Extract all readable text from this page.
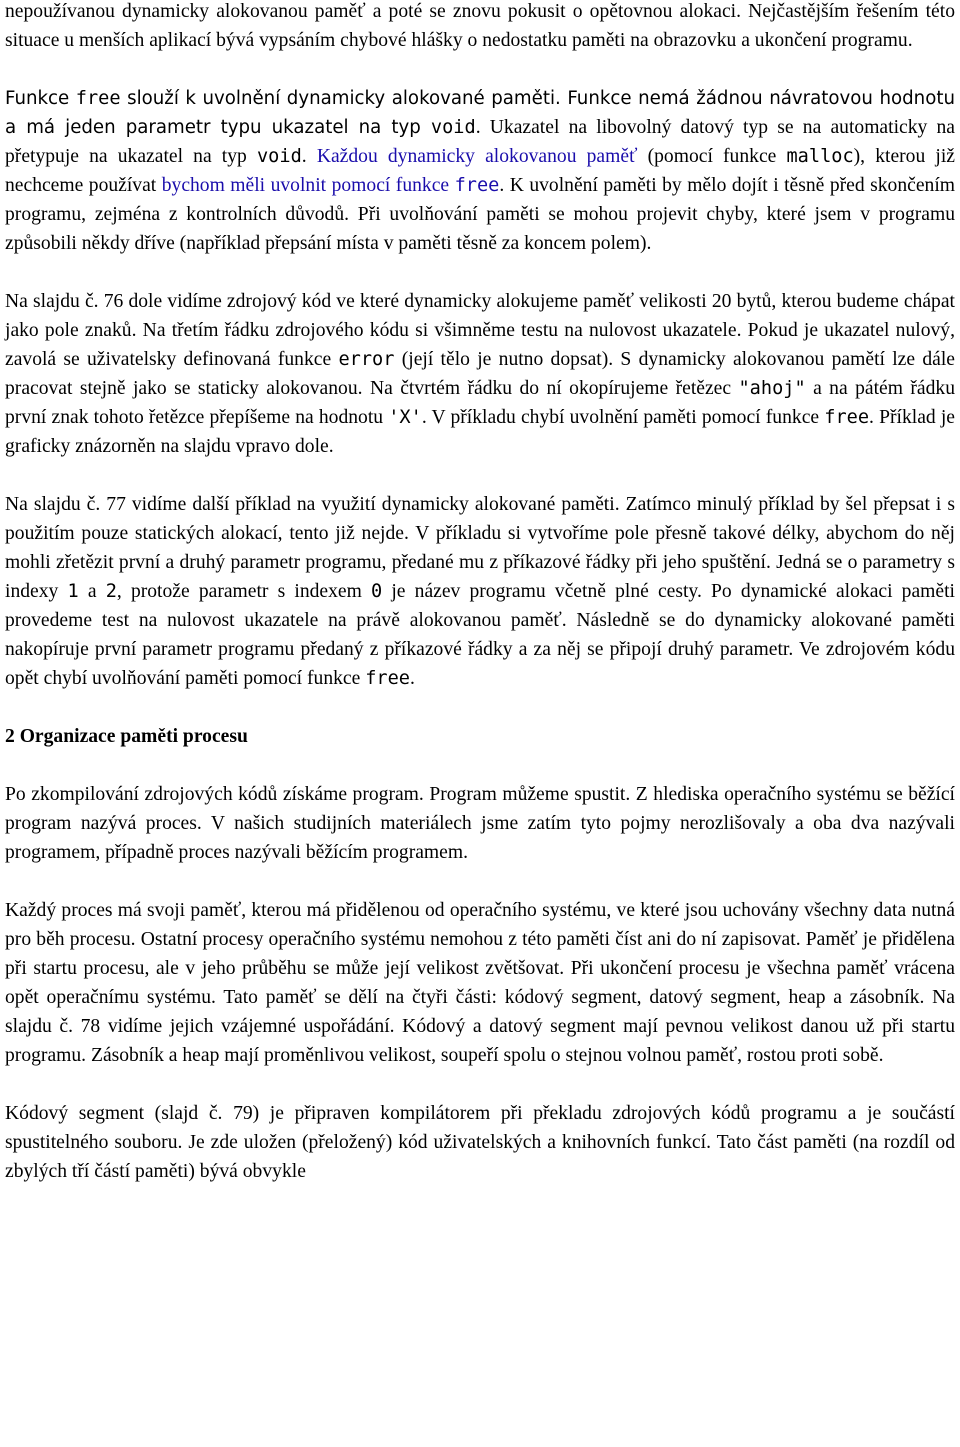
nepoužívanou dynamicky alokovanou paměť a poté se znovu pokusit o opětovnou alokaci. Nejčastějším řešením této situace u menších aplikací bývá vypsáním chybové hlášky o nedostatku paměti na obrazovku a ukončení programu.

Funkce free slouží k uvolnění dynamicky alokované paměti. Funkce nemá žádnou návratovou hodnotu a má jeden parametr typu ukazatel na typ void. Ukazatel na libovolný datový typ se na automaticky na přetypuje na ukazatel na typ void. Každou dynamicky alokovanou paměť (pomocí funkce malloc), kterou již nechceme používat bychom měli uvolnit pomocí funkce free. K uvolnění paměti by mělo dojít i těsně před skončením programu, zejména z kontrolních důvodů. Při uvolňování paměti se mohou projevit chyby, které jsem v programu způsobili někdy dříve (například přepsání místa v paměti těsně za koncem polem).

Na slajdu č. 76 dole vidíme zdrojový kód ve které dynamicky alokujeme paměť velikosti 20 bytů, kterou budeme chápat jako pole znaků. Na třetím řádku zdrojového kódu si všimněme testu na nulovost ukazatele. Pokud je ukazatel nulový, zavolá se uživatelsky definovaná funkce error (její tělo je nutno dopsat). S dynamicky alokovanou pamětí lze dále pracovat stejně jako se staticky alokovanou. Na čtvrtém řádku do ní okopírujeme řetězec "ahoj" a na pátém řádku první znak tohoto řetězce přepíšeme na hodnotu 'X'. V příkladu chybí uvolnění paměti pomocí funkce free. Příklad je graficky znázorněn na slajdu vpravo dole.

Na slajdu č. 77 vidíme další příklad na využití dynamicky alokované paměti. Zatímco minulý příklad by šel přepsat i s použitím pouze statických alokací, tento již nejde. V příkladu si vytvoříme pole přesně takové délky, abychom do něj mohli zřetězit první a druhý parametr programu, předané mu z příkazové řádky při jeho spuštění. Jedná se o parametry s indexy 1 a 2, protože parametr s indexem 0 je název programu včetně plné cesty. Po dynamické alokaci paměti provedeme test na nulovost ukazatele na právě alokovanou paměť. Následně se do dynamicky alokované paměti nakopíruje první parametr programu předaný z příkazové řádky a za něj se připojí druhý parametr. Ve zdrojovém kódu opět chybí uvolňování paměti pomocí funkce free.

2 Organizace paměti procesu

Po zkompilování zdrojových kódů získáme program. Program můžeme spustit. Z hlediska operačního systému se běžící program nazývá proces. V našich studijních materiálech jsme zatím tyto pojmy nerozlišovaly a oba dva nazývali programem, případně proces nazývali běžícím programem.

Každý proces má svoji paměť, kterou má přidělenou od operačního systému, ve které jsou uchovány všechny data nutná pro běh procesu. Ostatní procesy operačního systému nemohou z této paměti číst ani do ní zapisovat. Paměť je přidělena při startu procesu, ale v jeho průběhu se může její velikost zvětšovat. Při ukončení procesu je všechna paměť vrácena opět operačnímu systému. Tato paměť se dělí na čtyři části: kódový segment, datový segment, heap a zásobník. Na slajdu č. 78 vidíme jejich vzájemné uspořádání. Kódový a datový segment mají pevnou velikost danou už při startu programu. Zásobník a heap mají proměnlivou velikost, soupeří spolu o stejnou volnou paměť, rostou proti sobě.

Kódový segment (slajd č. 79) je připraven kompilátorem při překladu zdrojových kódů programu a je součástí spustitelného souboru. Je zde uložen (přeložený) kód uživatelských a knihovních funkcí. Tato část paměti (na rozdíl od zbylých tří částí paměti) bývá obvykle
